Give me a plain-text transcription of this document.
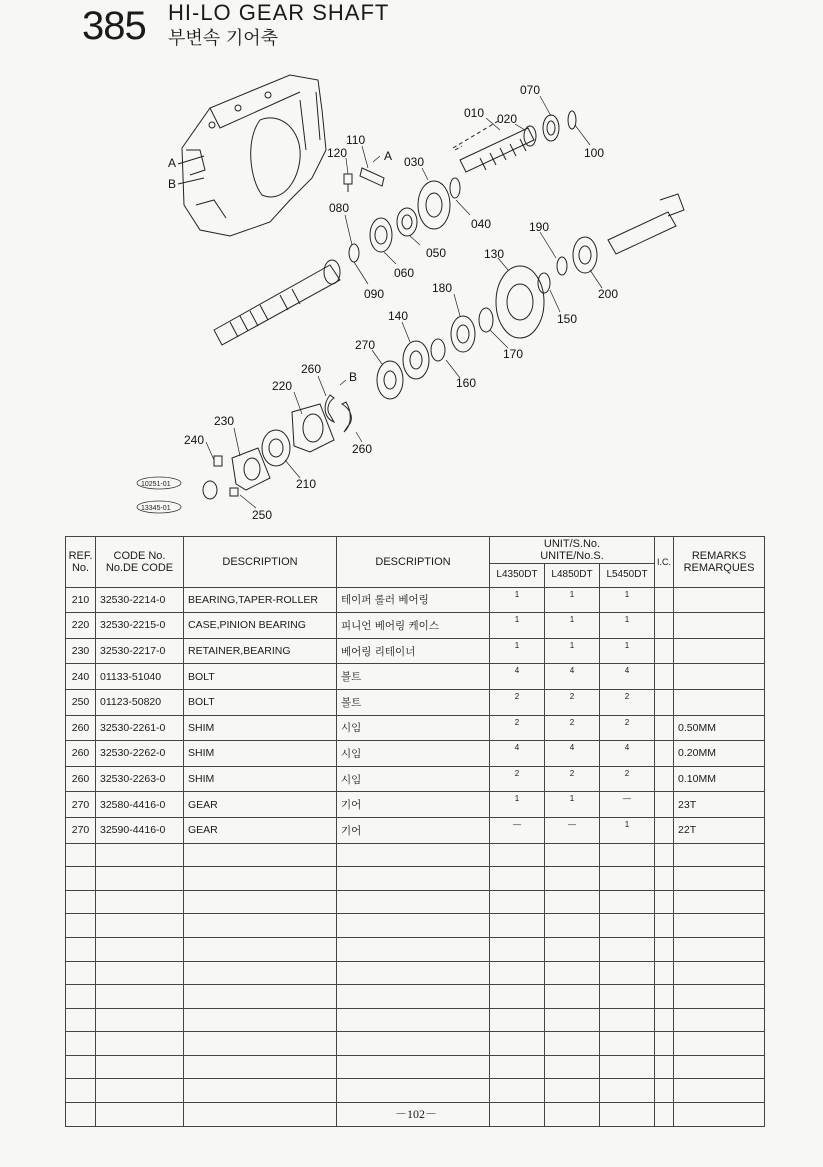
385 HI-LO GEAR SHAFT
부변속 기어축
010 020
030
040
050
060
070
080
090
100
110
120
130
140	150
160
170
180
190
200
210
220
230
240
250
260
260
270
A
B
A
B
10251-01
13345-01
REF. No.	CODE No. No.DE CODE	DESCRIPTION	DESCRIPTION	UNIT/S.No. UNITE/No.S.			I.C.	REMARKS REMARQUES

				L4350DT	L4850DT	L5450DT		
210	32530-2214-0	BEARING,TAPER-ROLLER	테이퍼 롤러 베어링	1	1	1		
220	32530-2215-0	CASE,PINION BEARING	피니언 베어링 케이스	1	1	1		
230	32530-2217-0	RETAINER,BEARING	베어링 리테이너	1	1	1		
240	01133-51040	BOLT	볼트	4	4	4		
250	01123-50820	BOLT	볼트	2	2	2		
260	32530-2261-0	SHIM	시임	2	2	2		0.50MM
260	32530-2262-0	SHIM	시임	4	4	4		0.20MM
260	32530-2263-0	SHIM	시임	2	2	2		0.10MM
270	32580-4416-0	GEAR	기어	1	1	—		23T
270	32590-4416-0	GEAR	기어	—	—	1		22T

－102－
